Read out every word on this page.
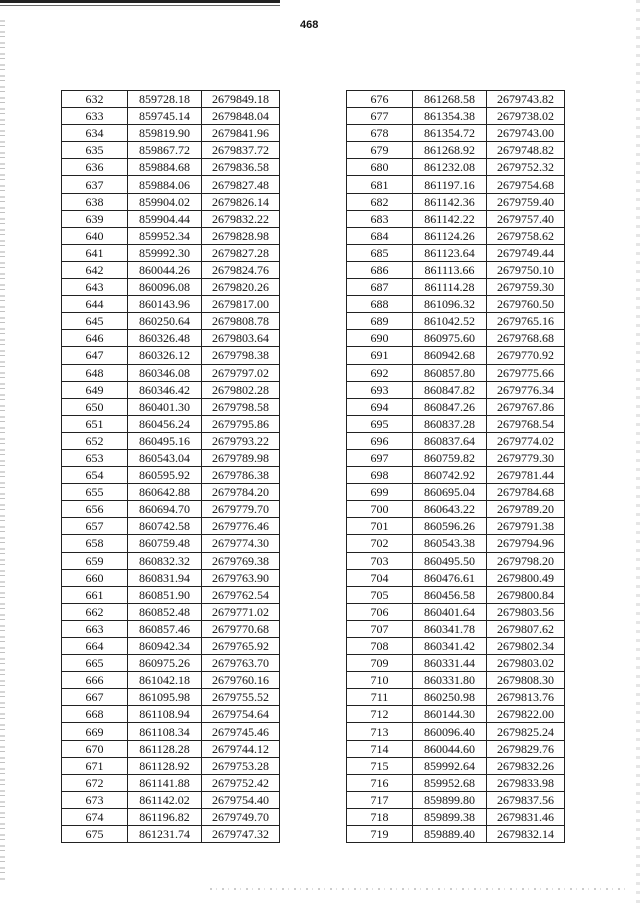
468
632	859728.18	2679849.18
633	859745.14	2679848.04
634	859819.90	2679841.96
635	859867.72	2679837.72
636	859884.68	2679836.58
637	859884.06	2679827.48
638	859904.02	2679826.14
639	859904.44	2679832.22
640	859952.34	2679828.98
641	859992.30	2679827.28
642	860044.26	2679824.76
643	860096.08	2679820.26
644	860143.96	2679817.00
645	860250.64	2679808.78
646	860326.48	2679803.64
647	860326.12	2679798.38
648	860346.08	2679797.02
649	860346.42	2679802.28
650	860401.30	2679798.58
651	860456.24	2679795.86
652	860495.16	2679793.22
653	860543.04	2679789.98
654	860595.92	2679786.38
655	860642.88	2679784.20
656	860694.70	2679779.70
657	860742.58	2679776.46
658	860759.48	2679774.30
659	860832.32	2679769.38
660	860831.94	2679763.90
661	860851.90	2679762.54
662	860852.48	2679771.02
663	860857.46	2679770.68
664	860942.34	2679765.92
665	860975.26	2679763.70
666	861042.18	2679760.16
667	861095.98	2679755.52
668	861108.94	2679754.64
669	861108.34	2679745.46
670	861128.28	2679744.12
671	861128.92	2679753.28
672	861141.88	2679752.42
673	861142.02	2679754.40
674	861196.82	2679749.70
675	861231.74	2679747.32
676	861268.58	2679743.82
677	861354.38	2679738.02
678	861354.72	2679743.00
679	861268.92	2679748.82
680	861232.08	2679752.32
681	861197.16	2679754.68
682	861142.36	2679759.40
683	861142.22	2679757.40
684	861124.26	2679758.62
685	861123.64	2679749.44
686	861113.66	2679750.10
687	861114.28	2679759.30
688	861096.32	2679760.50
689	861042.52	2679765.16
690	860975.60	2679768.68
691	860942.68	2679770.92
692	860857.80	2679775.66
693	860847.82	2679776.34
694	860847.26	2679767.86
695	860837.28	2679768.54
696	860837.64	2679774.02
697	860759.82	2679779.30
698	860742.92	2679781.44
699	860695.04	2679784.68
700	860643.22	2679789.20
701	860596.26	2679791.38
702	860543.38	2679794.96
703	860495.50	2679798.20
704	860476.61	2679800.49
705	860456.58	2679800.84
706	860401.64	2679803.56
707	860341.78	2679807.62
708	860341.42	2679802.34
709	860331.44	2679803.02
710	860331.80	2679808.30
711	860250.98	2679813.76
712	860144.30	2679822.00
713	860096.40	2679825.24
714	860044.60	2679829.76
715	859992.64	2679832.26
716	859952.68	2679833.98
717	859899.80	2679837.56
718	859899.38	2679831.46
719	859889.40	2679832.14
